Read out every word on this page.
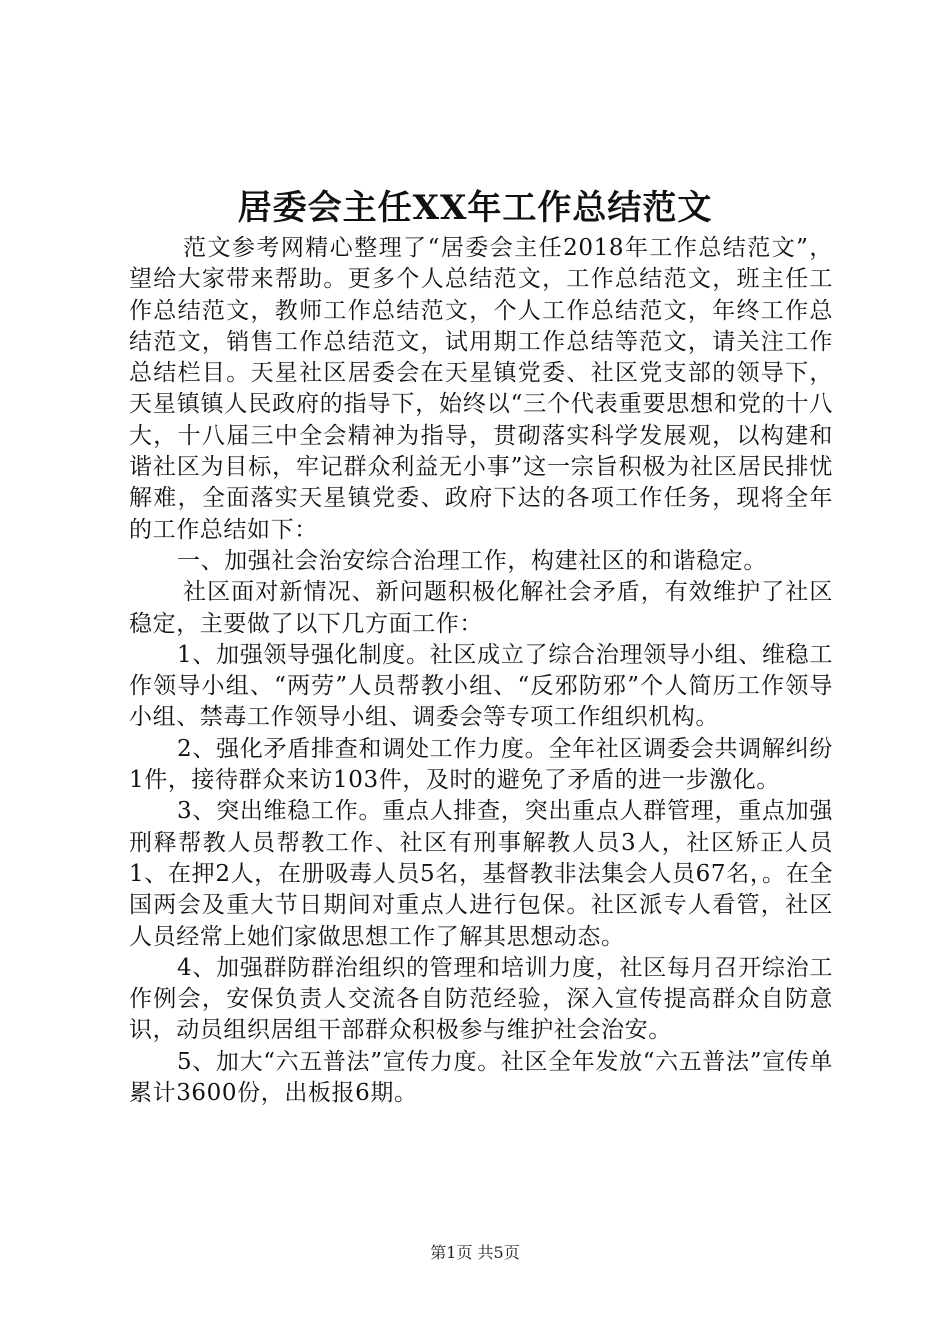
居委会主任XX年工作总结范文

范文参考网精心整理了“居委会主任2018年工作总结范文”，望给大家带来帮助。更多个人总结范文，工作总结范文，班主任工作总结范文，教师工作总结范文，个人工作总结范文，年终工作总结范文，销售工作总结范文，试用期工作总结等范文，请关注工作总结栏目。天星社区居委会在天星镇党委、社区党支部的领导下，天星镇镇人民政府的指导下，始终以“三个代表重要思想和党的十八大，十八届三中全会精神为指导，贯砌落实科学发展观，以构建和谐社区为目标，牢记群众利益无小事”这一宗旨积极为社区居民排忧解难，全面落实天星镇党委、政府下达的各项工作任务，现将全年的工作总结如下：

一、加强社会治安综合治理工作，构建社区的和谐稳定。

社区面对新情况、新问题积极化解社会矛盾，有效维护了社区稳定，主要做了以下几方面工作：

1、加强领导强化制度。社区成立了综合治理领导小组、维稳工作领导小组、“两劳”人员帮教小组、“反邪防邪”个人简历工作领导小组、禁毒工作领导小组、调委会等专项工作组织机构。

2、强化矛盾排查和调处工作力度。全年社区调委会共调解纠纷1件，接待群众来访103件，及时的避免了矛盾的进一步激化。

3、突出维稳工作。重点人排查，突出重点人群管理，重点加强刑释帮教人员帮教工作、社区有刑事解教人员3人，社区矫正人员1、在押2人，在册吸毒人员5名，基督教非法集会人员67名，。在全国两会及重大节日期间对重点人进行包保。社区派专人看管，社区人员经常上她们家做思想工作了解其思想动态。

4、加强群防群治组织的管理和培训力度，社区每月召开综治工作例会，安保负责人交流各自防范经验，深入宣传提高群众自防意识，动员组织居组干部群众积极参与维护社会治安。

5、加大“六五普法”宣传力度。社区全年发放“六五普法”宣传单累计3600份，出板报6期。

第1页 共5页
